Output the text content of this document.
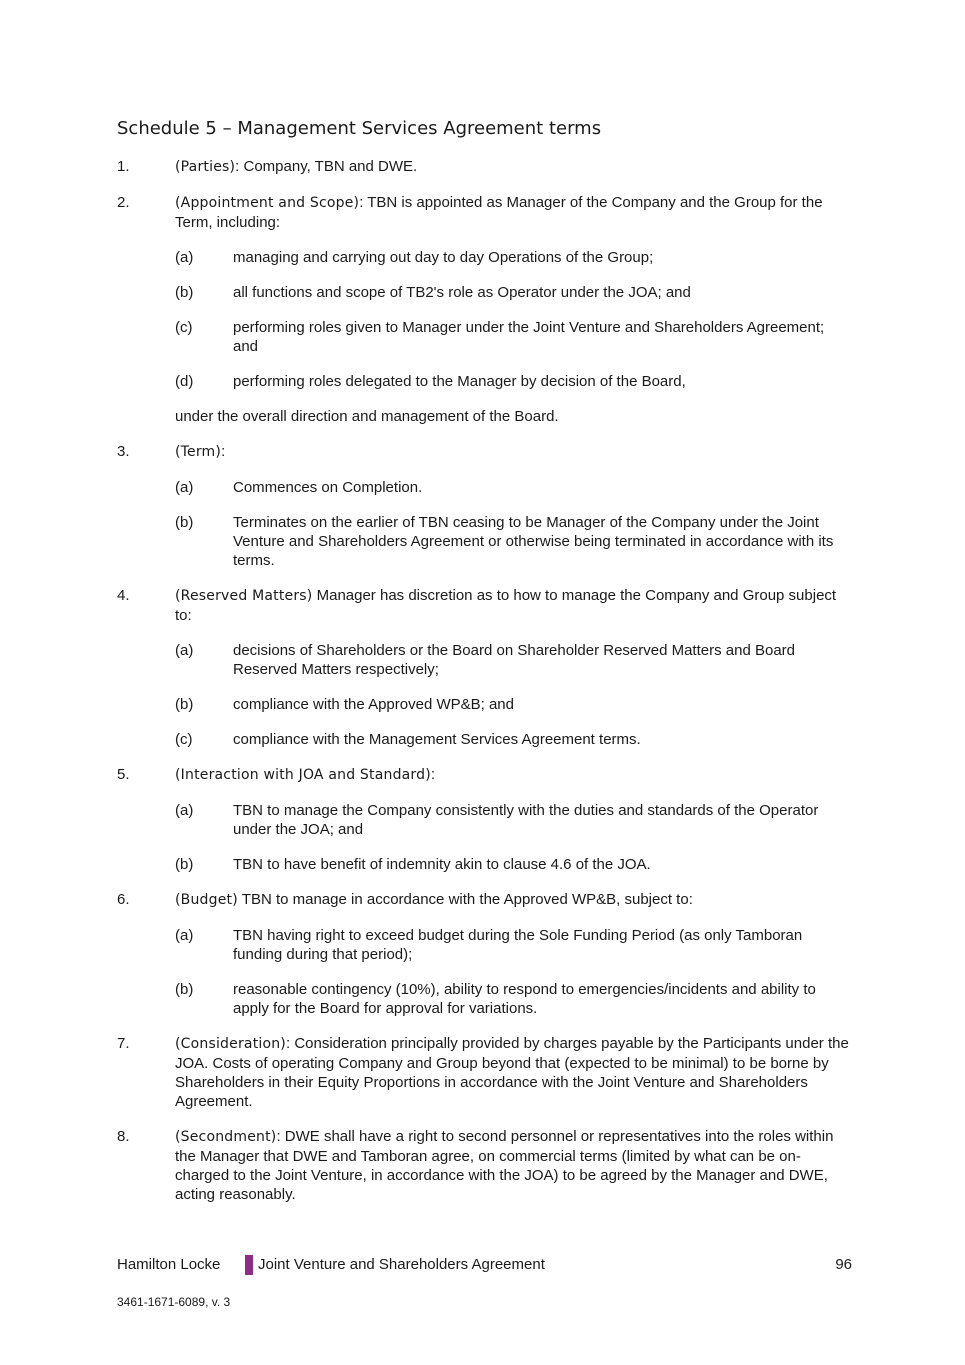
Schedule 5 – Management Services Agreement terms
1.	(Parties): Company, TBN and DWE.
2.	(Appointment and Scope): TBN is appointed as Manager of the Company and the Group for the Term, including:
(a)	managing and carrying out day to day Operations of the Group;
(b)	all functions and scope of TB2's role as Operator under the JOA; and
(c)	performing roles given to Manager under the Joint Venture and Shareholders Agreement; and
(d)	performing roles delegated to the Manager by decision of the Board,
under the overall direction and management of the Board.
3.	(Term):
(a)	Commences on Completion.
(b)	Terminates on the earlier of TBN ceasing to be Manager of the Company under the Joint Venture and Shareholders Agreement or otherwise being terminated in accordance with its terms.
4.	(Reserved Matters) Manager has discretion as to how to manage the Company and Group subject to:
(a)	decisions of Shareholders or the Board on Shareholder Reserved Matters and Board Reserved Matters respectively;
(b)	compliance with the Approved WP&B; and
(c)	compliance with the Management Services Agreement terms.
5.	(Interaction with JOA and Standard):
(a)	TBN to manage the Company consistently with the duties and standards of the Operator under the JOA; and
(b)	TBN to have benefit of indemnity akin to clause 4.6 of the JOA.
6.	(Budget) TBN to manage in accordance with the Approved WP&B, subject to:
(a)	TBN having right to exceed budget during the Sole Funding Period (as only Tamboran funding during that period);
(b)	reasonable contingency (10%), ability to respond to emergencies/incidents and ability to apply for the Board for approval for variations.
7.	(Consideration): Consideration principally provided by charges payable by the Participants under the JOA. Costs of operating Company and Group beyond that (expected to be minimal) to be borne by Shareholders in their Equity Proportions in accordance with the Joint Venture and Shareholders Agreement.
8.	(Secondment): DWE shall have a right to second personnel or representatives into the roles within the Manager that DWE and Tamboran agree, on commercial terms (limited by what can be on-charged to the Joint Venture, in accordance with the JOA) to be agreed by the Manager and DWE, acting reasonably.
Hamilton Locke	Joint Venture and Shareholders Agreement	96
3461-1671-6089, v. 3
